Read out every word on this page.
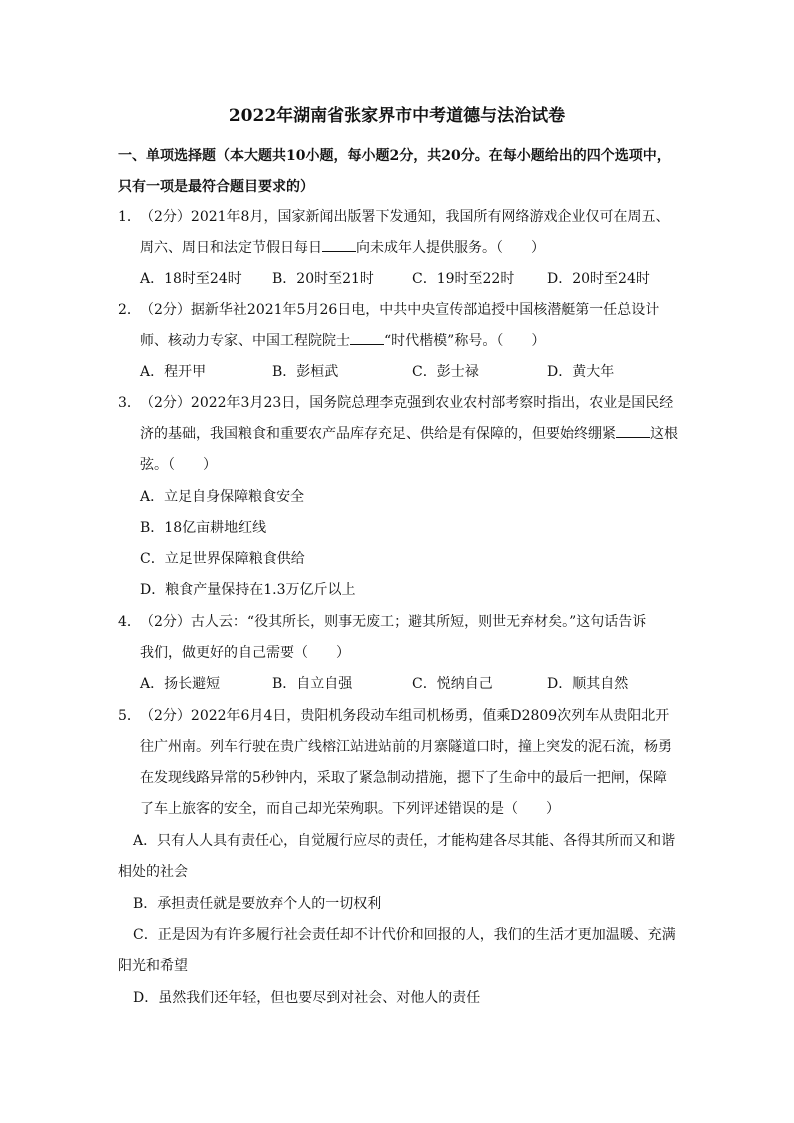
2022年湖南省张家界市中考道德与法治试卷
一、单项选择题（本大题共10小题，每小题2分，共20分。在每小题给出的四个选项中，
只有一项是最符合题目要求的）
1． （2分）2021年8月，国家新闻出版署下发通知，我国所有网络游戏企业仅可在周五、
周六、周日和法定节假日每日 向未成年人提供服务。（　　）
A．18时至24时 B．20时至21时	C．19时至22时 D．20时至24时
2． （2分）据新华社2021年5月26日电，中共中央宣传部追授中国核潜艇第一任总设计
师、核动力专家、中国工程院院士 “时代楷模”称号。（　　）
A．程开甲	B．彭桓武	C．彭士禄	D．黄大年
3． （2分）2022年3月23日，国务院总理李克强到农业农村部考察时指出，农业是国民经
济的基础，我国粮食和重要农产品库存充足、供给是有保障的，但要始终绷紧 这根
弦。（　　）
A．立足自身保障粮食安全
B．18亿亩耕地红线
C．立足世界保障粮食供给
D．粮食产量保持在1.3万亿斤以上
4． （2分）古人云：“役其所长，则事无废工；避其所短，则世无弃材矣。”这句话告诉
我们，做更好的自己需要（　　）
A．扬长避短	B．自立自强	C．悦纳自己	D．顺其自然
5． （2分）2022年6月4日，贵阳机务段动车组司机杨勇，值乘D2809次列车从贵阳北开
往广州南。列车行驶在贵广线榕江站进站前的月寨隧道口时，撞上突发的泥石流，杨勇
在发现线路异常的5秒钟内，采取了紧急制动措施，摁下了生命中的最后一把闸，保障
了车上旅客的安全，而自己却光荣殉职。下列评述错误的是（　　）
A．只有人人具有责任心，自觉履行应尽的责任，才能构建各尽其能、各得其所而又和谐
相处的社会
B．承担责任就是要放弃个人的一切权利
C．正是因为有许多履行社会责任却不计代价和回报的人，我们的生活才更加温暖、充满
阳光和希望
D．虽然我们还年轻，但也要尽到对社会、对他人的责任
